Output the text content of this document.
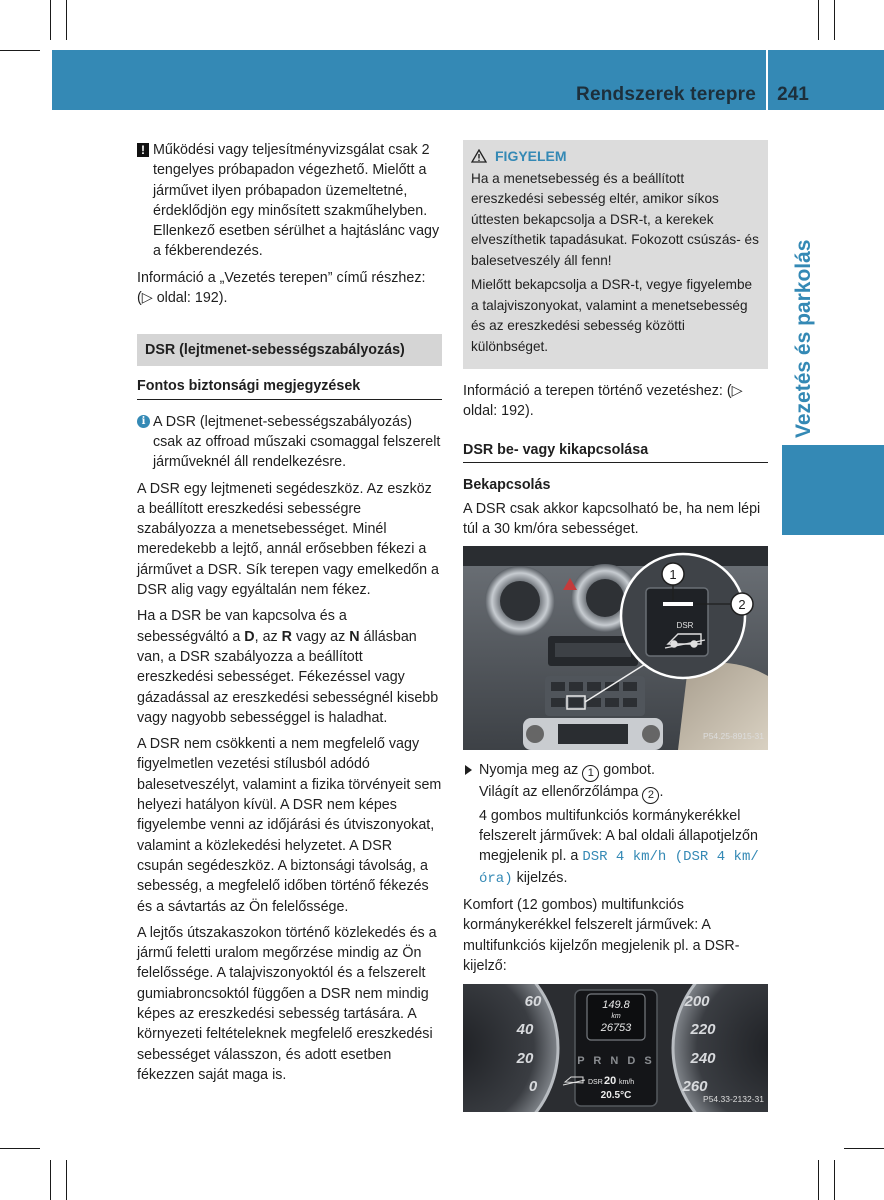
Rendszerek terepre	241
Vezetés és parkolás

! Működési vagy teljesítményvizsgálat csak 2 tengelyes próbapadon végezhető. Mielőtt a járművet ilyen próbapadon üzemeltetné, érdeklődjön egy minősített szakműhelyben. Ellenkező esetben sérülhet a hajtáslánc vagy a fékberendezés.

Információ a „Vezetés terepen” című részhez: (▷ oldal: 192).

DSR (lejtmenet-sebességszabályozás)
Fontos biztonsági megjegyzések

i A DSR (lejtmenet-sebességszabályozás) csak az offroad műszaki csomaggal felszerelt járműveknél áll rendelkezésre.

A DSR egy lejtmeneti segédeszköz. Az eszköz a beállított ereszkedési sebességre szabályozza a menetsebességet. Minél meredekebb a lejtő, annál erősebben fékezi a járművet a DSR. Sík terepen vagy emelkedőn a DSR alig vagy egyáltalán nem fékez.

Ha a DSR be van kapcsolva és a sebességváltó a D, az R vagy az N állásban van, a DSR szabályozza a beállított ereszkedési sebességet. Fékezéssel vagy gázadással az ereszkedési sebességnél kisebb vagy nagyobb sebességgel is haladhat.

A DSR nem csökkenti a nem megfelelő vagy figyelmetlen vezetési stílusból adódó balesetveszélyt, valamint a fizika törvényeit sem helyezi hatályon kívül. A DSR nem képes figyelembe venni az időjárási és útviszonyokat, valamint a közlekedési helyzetet. A DSR csupán segédeszköz. A biztonsági távolság, a sebesség, a megfelelő időben történő fékezés és a sávtartás az Ön felelőssége.

A lejtős útszakaszokon történő közlekedés és a jármű feletti uralom megőrzése mindig az Ön felelőssége. A talajviszonyoktól és a felszerelt gumiabroncsoktól függően a DSR nem mindig képes az ereszkedési sebesség tartására. A környezeti feltételeknek megfelelő ereszkedési sebességet válasszon, és adott esetben fékezzen saját maga is.

FIGYELEM

Ha a menetsebesség és a beállított ereszkedési sebesség eltér, amikor síkos úttesten bekapcsolja a DSR-t, a kerekek elveszíthetik tapadásukat. Fokozott csúszás- és balesetveszély áll fenn!

Mielőtt bekapcsolja a DSR-t, vegye figyelembe a talajviszonyokat, valamint a menetsebesség és az ereszkedési sebesség közötti különbséget.

Információ a terepen történő vezetéshez: (▷ oldal: 192).

DSR be- vagy kikapcsolása
Bekapcsolás

A DSR csak akkor kapcsolható be, ha nem lépi túl a 30 km/óra sebességet.

DSR
1
2
P54.25-8915-31

Nyomja meg az 1 gombot.
Világít az ellenőrzőlámpa 2 .

4 gombos multifunkciós kormánykerékkel felszerelt járművek: A bal oldali állapotjelzőn megjelenik pl. a DSR 4 km/h (DSR 4 km/óra) kijelzés.

Komfort (12 gombos) multifunkciós kormánykerékkel felszerelt járművek: A multifunkciós kijelzőn megjelenik pl. a DSR-kijelző:

60
40
20
0
200
220
240
260
149.8
km
26753
P R N D S
DSR 20 km/h
20.5°C	P54.33-2132-31
